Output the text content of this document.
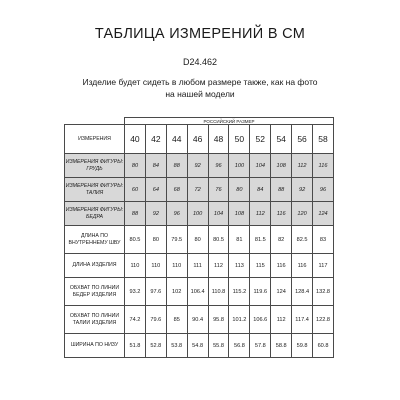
ТАБЛИЦА ИЗМЕРЕНИЙ В СМ
D24.462
Изделие будет сидеть в любом размере также, как на фото на нашей модели
	РОССИЙСКИЙ РАЗМЕР									
ИЗМЕРЕНИЯ	40	42	44	46	48	50	52	54	56	58
ИЗМЕРЕНИЯ ФИГУРЫ: ГРУДЬ	80	84	88	92	96	100	104	108	112	116
ИЗМЕРЕНИЯ ФИГУРЫ: ТАЛИЯ	60	64	68	72	76	80	84	88	92	96
ИЗМЕРЕНИЯ ФИГУРЫ: БЕДРА	88	92	96	100	104	108	112	116	120	124
ДЛИНА ПО ВНУТРЕННЕМУ ШВУ	80.5	80	79.5	80	80.5	81	81.5	82	82.5	83
ДЛИНА ИЗДЕЛИЯ	110	110	110	111	112	113	115	116	116	117
ОБХВАТ ПО ЛИНИИ БЕДЕР ИЗДЕЛИЯ	93.2	97.6	102	106.4	110.8	115.2	119.6	124	128.4	132.8
ОБХВАТ ПО ЛИНИИ ТАЛИИ ИЗДЕЛИЯ	74.2	79.6	85	90.4	95.8	101.2	106.6	112	117.4	122.8
ШИРИНА ПО НИЗУ	51.8	52.8	53.8	54.8	55.8	56.8	57.8	58.8	59.8	60.8
